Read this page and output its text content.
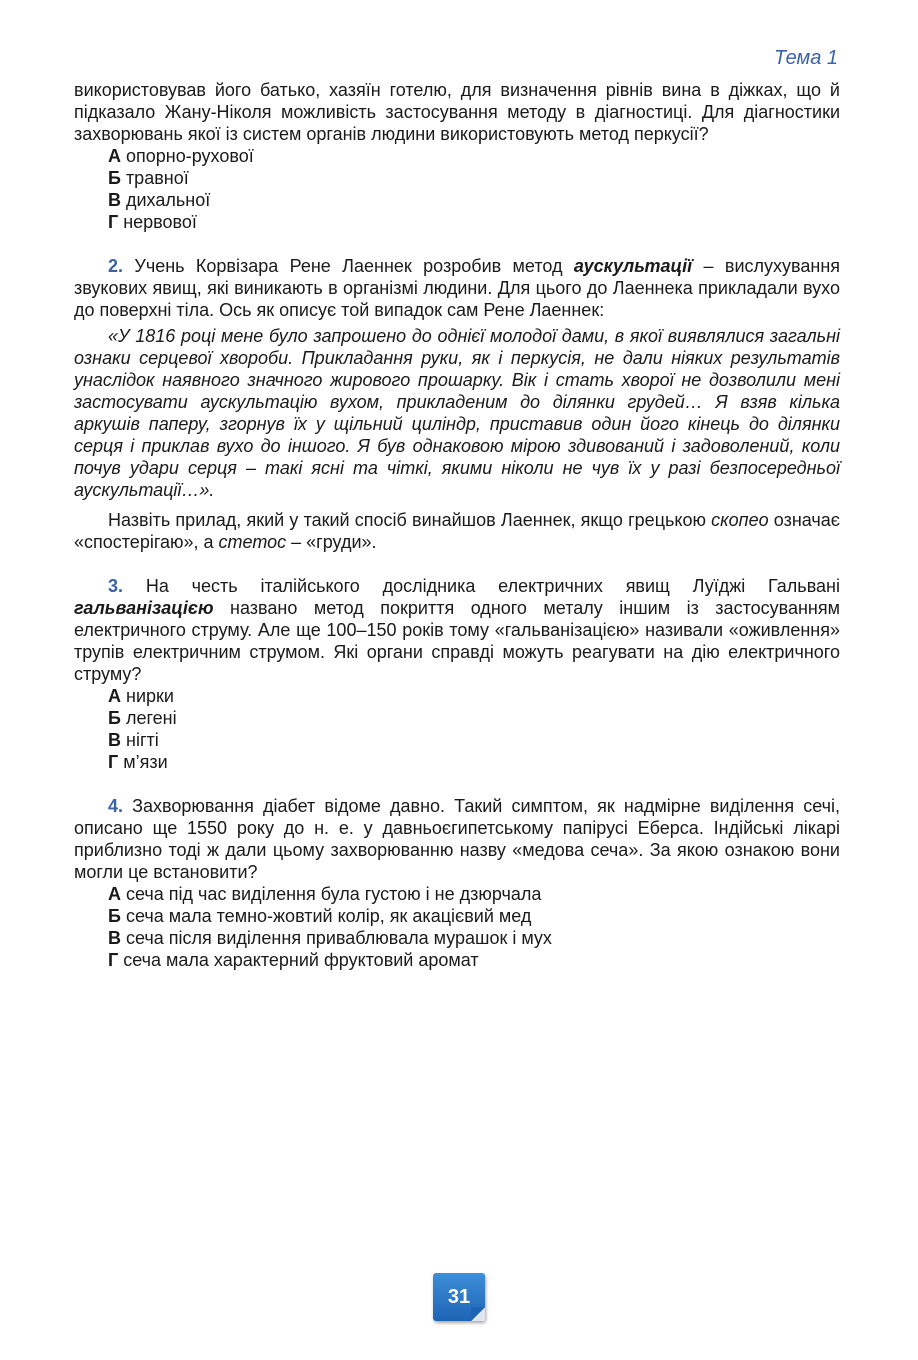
Тема 1

використовував його батько, хазяїн готелю, для визначення рівнів вина в діжках, що й підказало Жану-Ніколя можливість застосування методу в діагностиці. Для діагностики захворювань якої із систем органів людини використовують метод перкусії?

А опорно-рухової
Б травної
В дихальної
Г нервової

2. Учень Корвізара Рене Лаеннек розробив метод аускультації – вислухування звукових явищ, які виникають в організмі людини. Для цього до Лаеннека прикладали вухо до поверхні тіла. Ось як описує той випадок сам Рене Лаеннек:

«У 1816 році мене було запрошено до однієї молодої дами, в якої виявлялися загальні ознаки серцевої хвороби. Прикладання руки, як і перкусія, не дали ніяких результатів унаслідок наявного значного жирового прошарку. Вік і стать хворої не дозволили мені застосувати аускультацію вухом, прикладеним до ділянки грудей… Я взяв кілька аркушів паперу, згорнув їх у щільний циліндр, приставив один його кінець до ділянки серця і приклав вухо до іншого. Я був однаковою мірою здивований і задоволений, коли почув удари серця – такі ясні та чіткі, якими ніколи не чув їх у разі безпосередньої аускультації…».

Назвіть прилад, який у такий спосіб винайшов Лаеннек, якщо грецькою скопео означає «спостерігаю», а стетос – «груди».

3. На честь італійського дослідника електричних явищ Луїджі Гальвані гальванізацією названо метод покриття одного металу іншим із застосуванням електричного струму. Але ще 100–150 років тому «гальванізацією» називали «оживлення» трупів електричним струмом. Які органи справді можуть реагувати на дію електричного струму?

А нирки
Б легені
В нігті
Г м’язи

4. Захворювання діабет відоме давно. Такий симптом, як надмірне виділення сечі, описано ще 1550 року до н. е. у давньоєгипетському папірусі Еберса. Індійські лікарі приблизно тоді ж дали цьому захворюванню назву «медова сеча». За якою ознакою вони могли це встановити?

А сеча під час виділення була густою і не дзюрчала
Б сеча мала темно-жовтий колір, як акацієвий мед
В сеча після виділення приваблювала мурашок і мух
Г сеча мала характерний фруктовий аромат
31
